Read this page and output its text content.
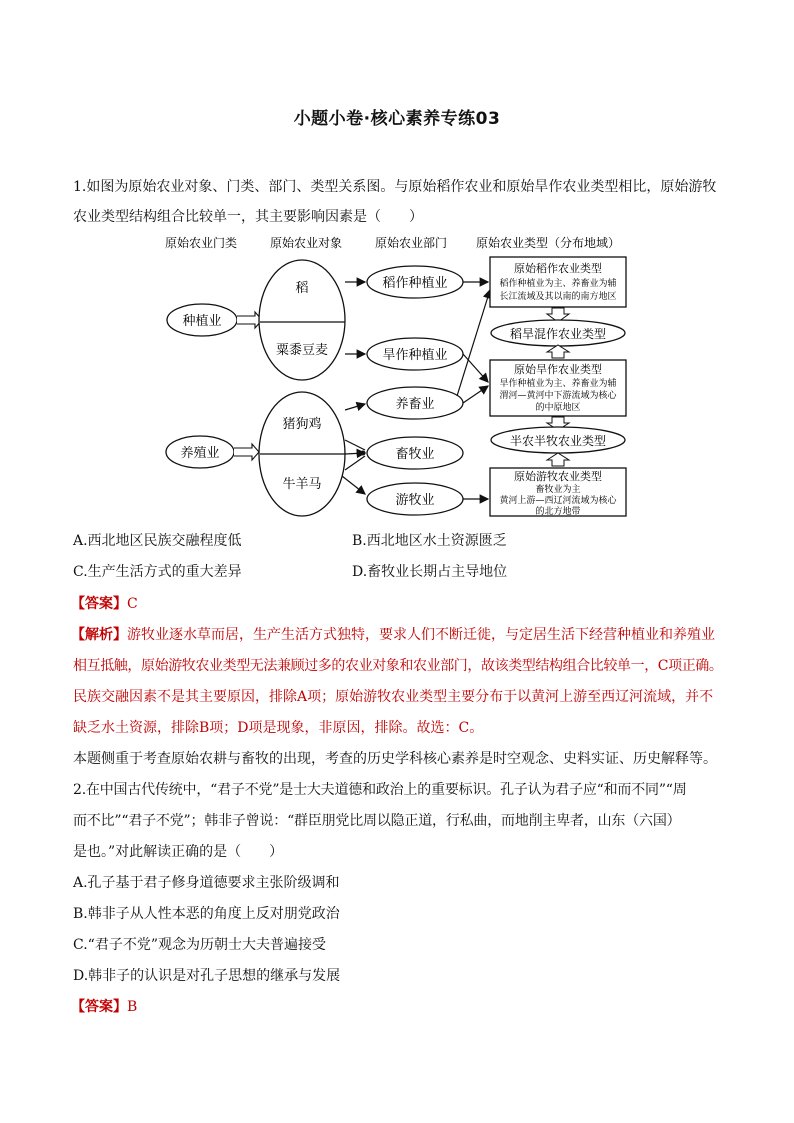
小题小卷·核心素养专练03
1.如图为原始农业对象、门类、部门、类型关系图。与原始稻作农业和原始旱作农业类型相比，原始游牧
农业类型结构组合比较单一，其主要影响因素是（　　）
原始农业门类	原始农业对象	原始农业部门 原始农业类型（分布地域）
种植业
养殖业
稻
粟黍豆麦
猪狗鸡
牛羊马
稻作种植业
旱作种植业
养畜业
畜牧业
游牧业
原始稻作农业类型
稻作种植业为主、养畜业为辅
长江流域及其以南的南方地区
稻旱混作农业类型
原始旱作农业类型
旱作种植业为主、养畜业为辅
渭河—黄河中下游流域为核心
的中原地区
半农半牧农业类型
原始游牧农业类型
畜牧业为主
黄河上游—西辽河流域为核心
的北方地带
A.西北地区民族交融程度低	B.西北地区水土资源匮乏
C.生产生活方式的重大差异	D.畜牧业长期占主导地位
【答案】C
【解析】游牧业逐水草而居，生产生活方式独特，要求人们不断迁徙，与定居生活下经营种植业和养殖业
相互抵触，原始游牧农业类型无法兼顾过多的农业对象和农业部门，故该类型结构组合比较单一，C项正确。
民族交融因素不是其主要原因，排除A项；原始游牧农业类型主要分布于以黄河上游至西辽河流域，并不
缺乏水土资源，排除B项；D项是现象，非原因，排除。故选：C。
本题侧重于考查原始农耕与畜牧的出现，考查的历史学科核心素养是时空观念、史料实证、历史解释等。
2.在中国古代传统中，“君子不党”是士大夫道德和政治上的重要标识。孔子认为君子应“和而不同”“周
而不比”“君子不党”；韩非子曾说：“群臣朋党比周以隐正道，行私曲，而地削主卑者，山东（六国）
是也。”对此解读正确的是（　　）
A.孔子基于君子修身道德要求主张阶级调和
B.韩非子从人性本恶的角度上反对朋党政治
C.“君子不党”观念为历朝士大夫普遍接受
D.韩非子的认识是对孔子思想的继承与发展
【答案】B
